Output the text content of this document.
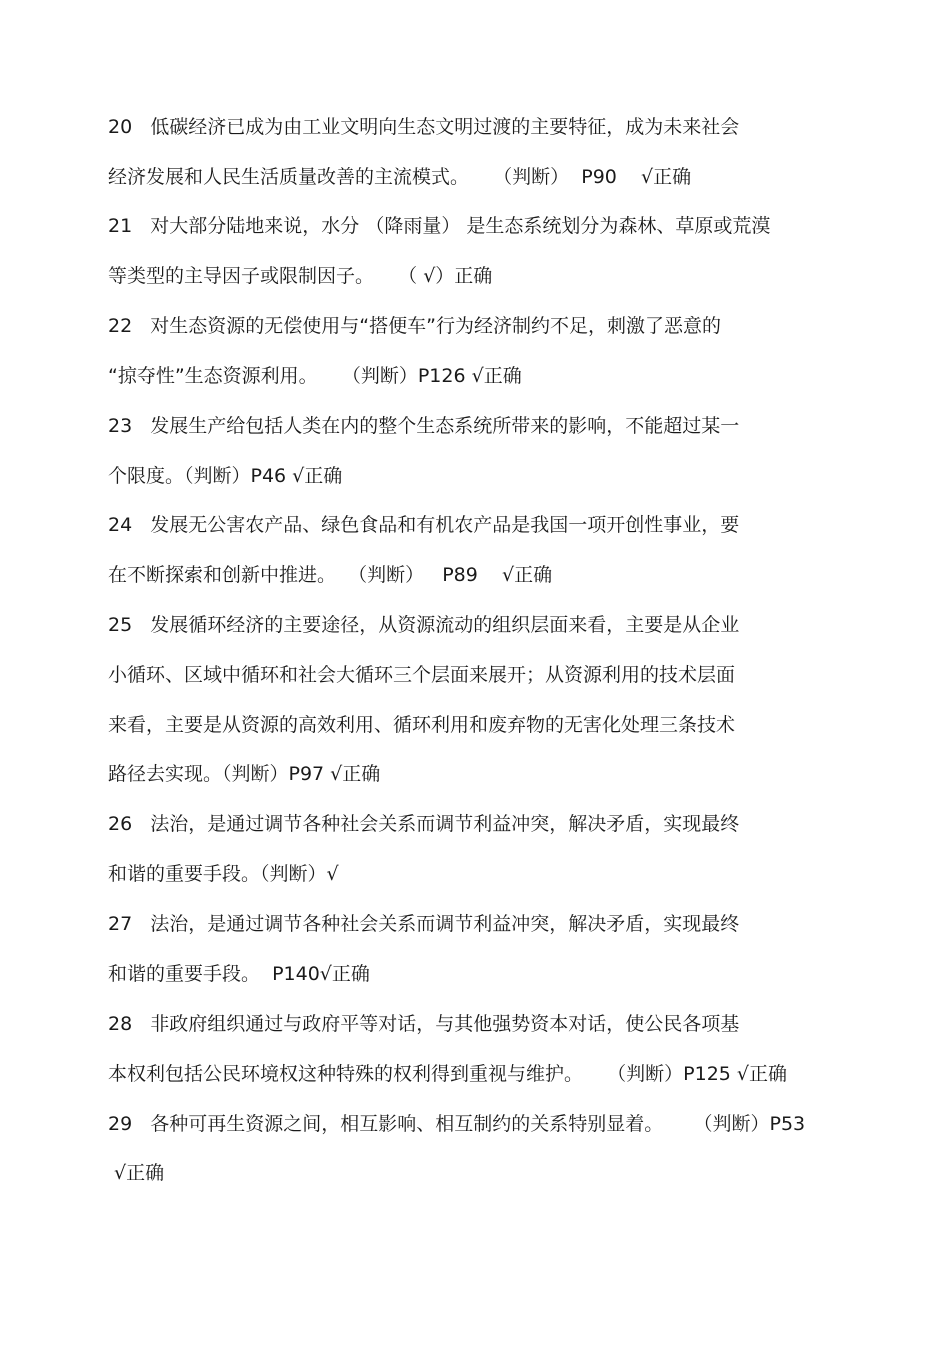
20   低碳经济已成为由工业文明向生态文明过渡的主要特征，成为未来社会
经济发展和人民生活质量改善的主流模式。    （判断）  P90    √正确
21   对大部分陆地来说，水分 （降雨量） 是生态系统划分为森林、草原或荒漠
等类型的主导因子或限制因子。    （ √）正确
22   对生态资源的无偿使用与“搭便车”行为经济制约不足，刺激了恶意的
“掠夺性”生态资源利用。    （判断）P126 √正确
23   发展生产给包括人类在内的整个生态系统所带来的影响，不能超过某一
个限度。（判断）P46 √正确
24   发展无公害农产品、绿色食品和有机农产品是我国一项开创性事业，要
在不断探索和创新中推进。  （判断）   P89    √正确
25   发展循环经济的主要途径，从资源流动的组织层面来看，主要是从企业
小循环、区域中循环和社会大循环三个层面来展开；从资源利用的技术层面
来看，主要是从资源的高效利用、循环利用和废弃物的无害化处理三条技术
路径去实现。（判断）P97 √正确
26   法治，是通过调节各种社会关系而调节利益冲突，解决矛盾，实现最终
和谐的重要手段。（判断）√
27   法治，是通过调节各种社会关系而调节利益冲突，解决矛盾，实现最终
和谐的重要手段。  P140√正确
28   非政府组织通过与政府平等对话，与其他强势资本对话，使公民各项基
本权利包括公民环境权这种特殊的权利得到重视与维护。    （判断）P125 √正确
29   各种可再生资源之间，相互影响、相互制约的关系特别显着。     （判断）P53
√正确
